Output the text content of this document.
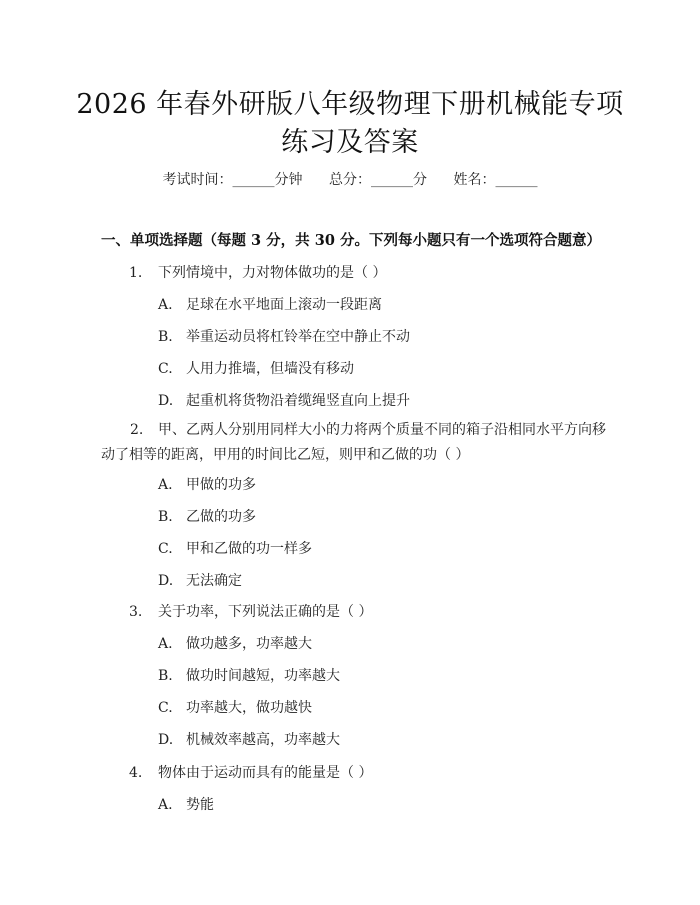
2026 年春外研版八年级物理下册机械能专项
练习及答案
考试时间：______分钟 总分：______分 姓名：______
一、单项选择题（每题 3 分，共 30 分。下列每小题只有一个选项符合题意）
1. 下列情境中，力对物体做功的是（ ）
A. 足球在水平地面上滚动一段距离
B. 举重运动员将杠铃举在空中静止不动
C. 人用力推墙，但墙没有移动
D. 起重机将货物沿着缆绳竖直向上提升
2. 甲、乙两人分别用同样大小的力将两个质量不同的箱子沿相同水平方向移动了相等的距离，甲用的时间比乙短，则甲和乙做的功（ ）
A. 甲做的功多
B. 乙做的功多
C. 甲和乙做的功一样多
D. 无法确定
3. 关于功率，下列说法正确的是（ ）
A. 做功越多，功率越大
B. 做功时间越短，功率越大
C. 功率越大，做功越快
D. 机械效率越高，功率越大
4. 物体由于运动而具有的能量是（ ）
A. 势能
